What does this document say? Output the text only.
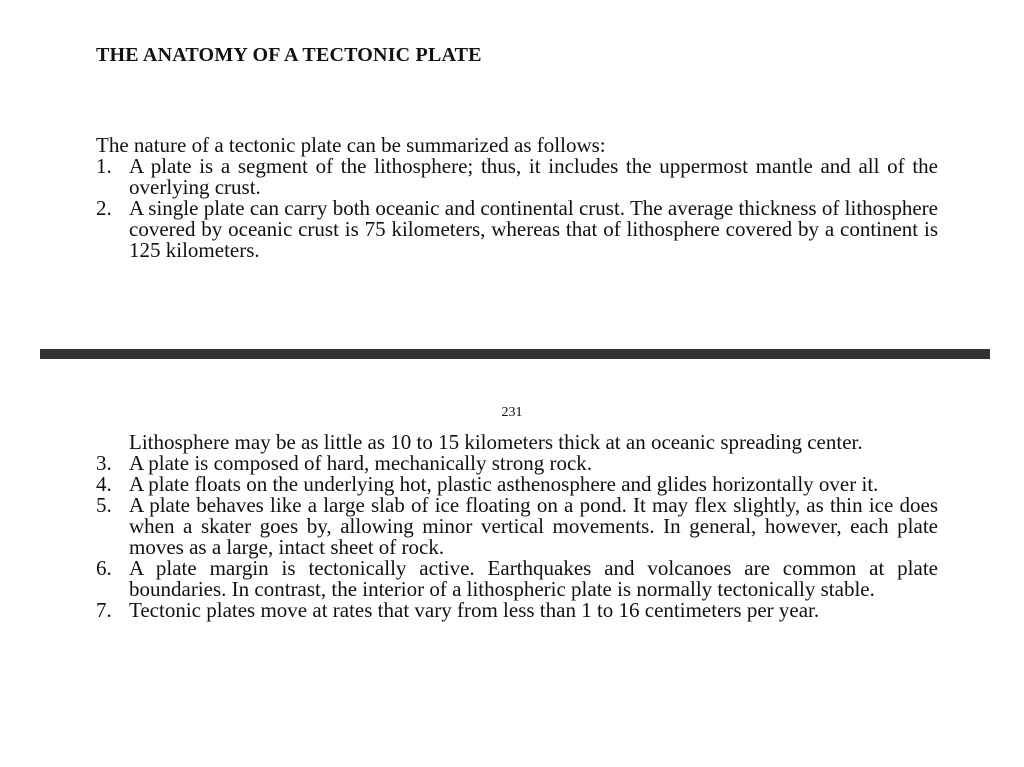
THE ANATOMY OF A TECTONIC PLATE

The nature of a tectonic plate can be summarized as follows:

1. A plate is a segment of the lithosphere; thus, it includes the uppermost mantle and all of the overlying crust.
2. A single plate can carry both oceanic and continental crust. The average thickness of lithosphere covered by oceanic crust is 75 kilometers, whereas that of lithosphere covered by a continent is 125 kilometers.

231

Lithosphere may be as little as 10 to 15 kilometers thick at an oceanic spreading center.
3. A plate is composed of hard, mechanically strong rock.
4. A plate floats on the underlying hot, plastic asthenosphere and glides horizontally over it.
5. A plate behaves like a large slab of ice floating on a pond. It may flex slightly, as thin ice does when a skater goes by, allowing minor vertical movements. In general, however, each plate moves as a large, intact sheet of rock.
6. A plate margin is tectonically active. Earthquakes and volcanoes are common at plate boundaries. In contrast, the interior of a lithospheric plate is normally tectonically stable.
7. Tectonic plates move at rates that vary from less than 1 to 16 centimeters per year.
